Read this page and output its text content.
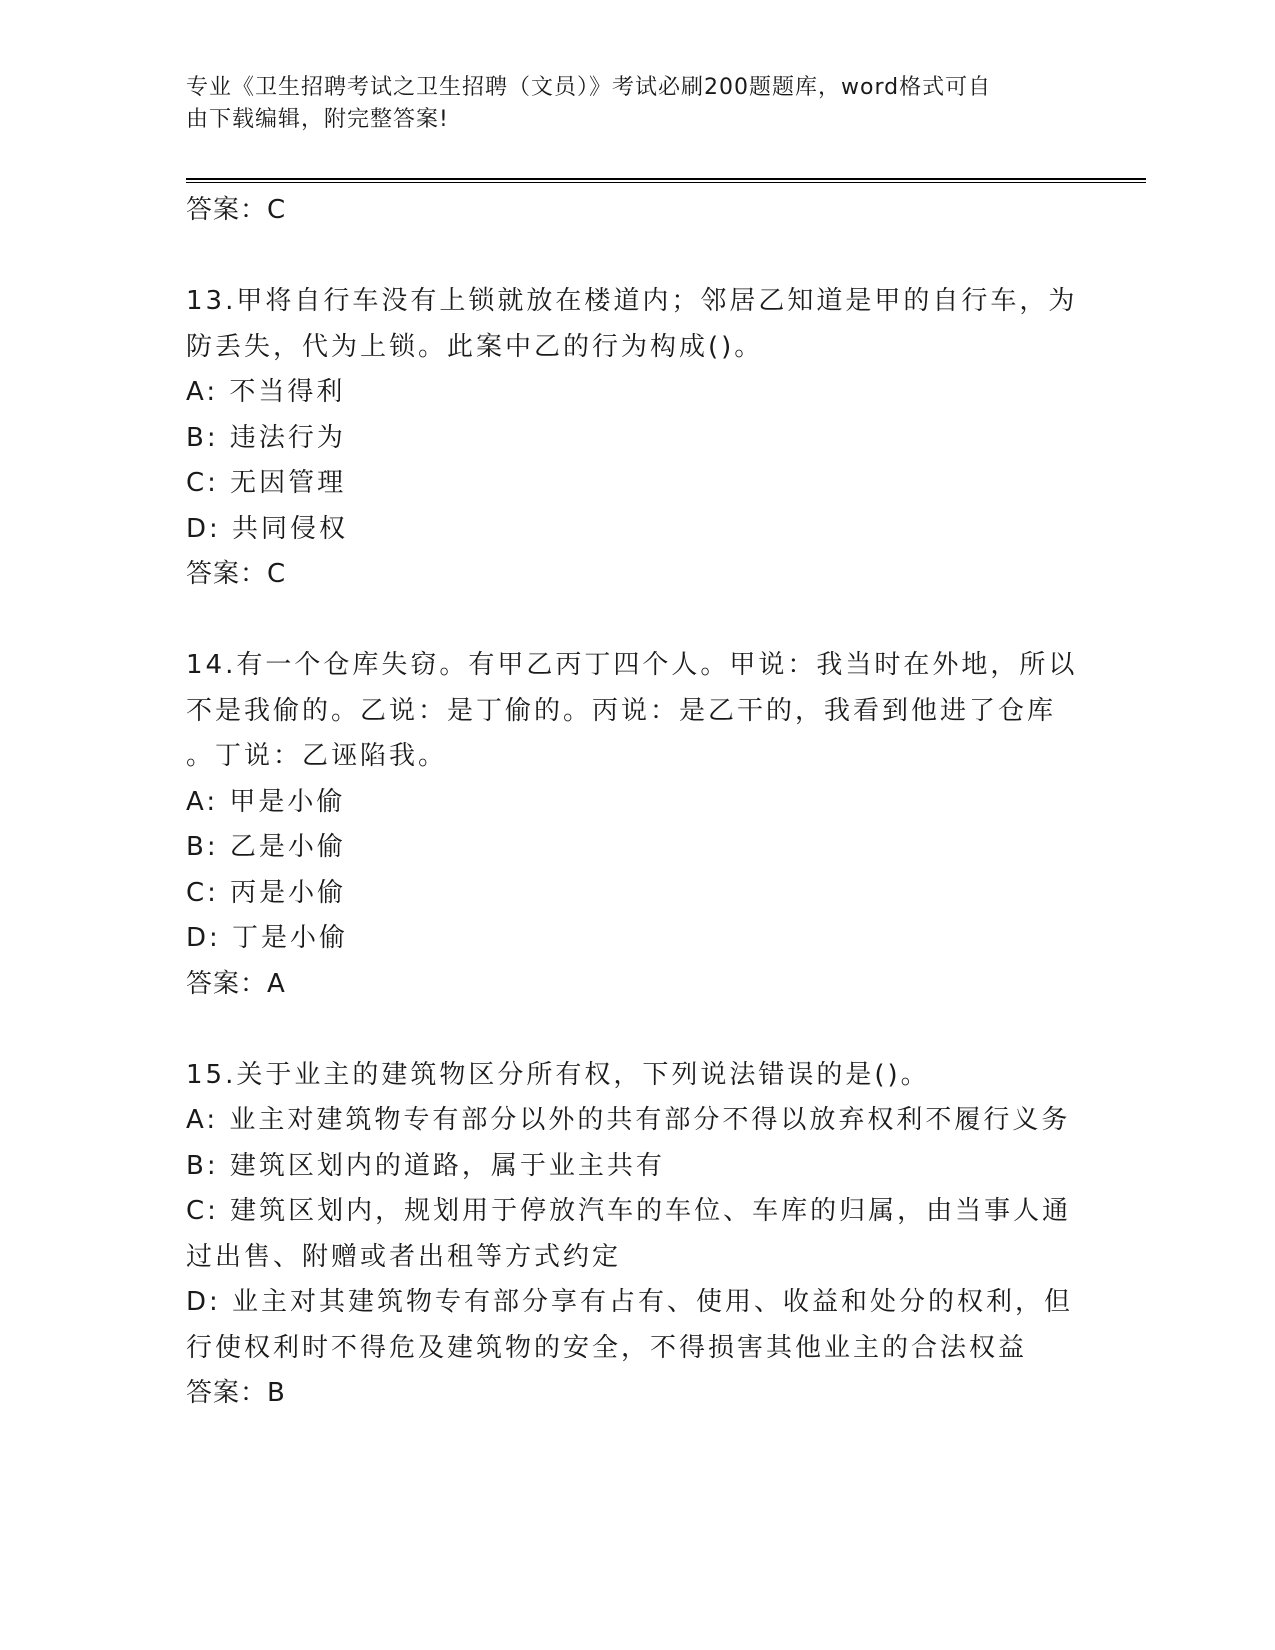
专业《卫生招聘考试之卫生招聘（文员）》考试必刷200题题库，word格式可自
由下载编辑，附完整答案!
答案：C
13.甲将自行车没有上锁就放在楼道内；邻居乙知道是甲的自行车，为
防丢失，代为上锁。此案中乙的行为构成()。
A: 不当得利
B: 违法行为
C: 无因管理
D: 共同侵权
答案：C
14.有一个仓库失窃。有甲乙丙丁四个人。甲说：我当时在外地，所以
不是我偷的。乙说：是丁偷的。丙说：是乙干的，我看到他进了仓库
。丁说：乙诬陷我。
A: 甲是小偷
B: 乙是小偷
C: 丙是小偷
D: 丁是小偷
答案：A
15.关于业主的建筑物区分所有权，下列说法错误的是()。
A: 业主对建筑物专有部分以外的共有部分不得以放弃权利不履行义务
B: 建筑区划内的道路，属于业主共有
C: 建筑区划内，规划用于停放汽车的车位、车库的归属，由当事人通
过出售、附赠或者出租等方式约定
D: 业主对其建筑物专有部分享有占有、使用、收益和处分的权利，但
行使权利时不得危及建筑物的安全，不得损害其他业主的合法权益
答案：B
